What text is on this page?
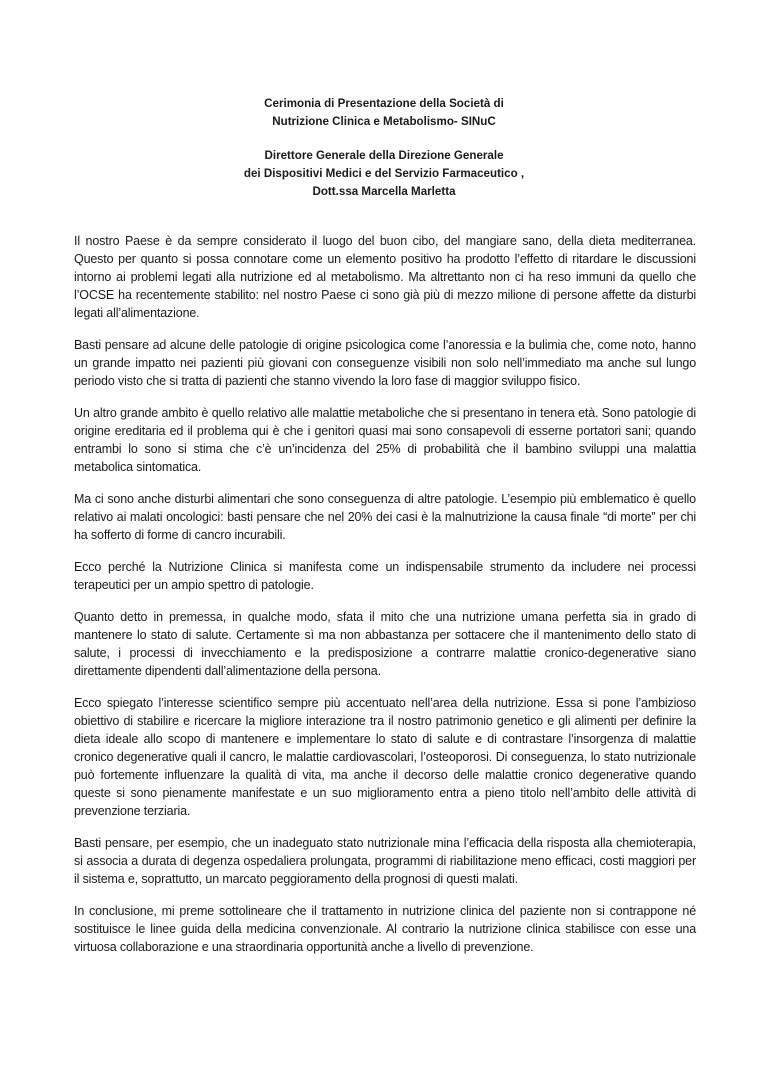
Cerimonia di Presentazione della Società di
Nutrizione Clinica e Metabolismo- SINuC
Direttore Generale della Direzione Generale
dei Dispositivi Medici e del Servizio Farmaceutico ,
Dott.ssa Marcella Marletta

Il nostro Paese è da sempre considerato il luogo del buon cibo, del mangiare sano, della dieta mediterranea. Questo per quanto si possa connotare come un elemento positivo ha prodotto l’effetto di ritardare le discussioni intorno ai problemi legati alla nutrizione ed al metabolismo. Ma altrettanto non ci ha reso immuni da quello che l’OCSE ha recentemente stabilito: nel nostro Paese ci sono già più di mezzo milione di persone affette da disturbi legati all’alimentazione.

Basti pensare ad alcune delle patologie di origine psicologica come l’anoressia e la bulimia che, come noto, hanno un grande impatto nei pazienti più giovani con conseguenze visibili non solo nell’immediato ma anche sul lungo periodo visto che si tratta di pazienti che stanno vivendo la loro fase di maggior sviluppo fisico.

Un altro grande ambito è quello relativo alle malattie metaboliche che si presentano in tenera età. Sono patologie di origine ereditaria ed il problema qui è che i genitori quasi mai sono consapevoli di esserne portatori sani; quando entrambi lo sono si stima che c’è un’incidenza del 25% di probabilità che il bambino sviluppi una malattia metabolica sintomatica.

Ma ci sono anche disturbi alimentari che sono conseguenza di altre patologie. L’esempio più emblematico è quello relativo ai malati oncologici: basti pensare che nel 20% dei casi è la malnutrizione la causa finale “di morte” per chi ha sofferto di forme di cancro incurabili.

Ecco perché la Nutrizione Clinica si manifesta come un indispensabile strumento da includere nei processi terapeutici per un ampio spettro di patologie.

Quanto detto in premessa, in qualche modo, sfata il mito che una nutrizione umana perfetta sia in grado di mantenere lo stato di salute. Certamente sì ma non abbastanza per sottacere che il mantenimento dello stato di salute, i processi di invecchiamento e la predisposizione a contrarre malattie cronico-degenerative siano direttamente dipendenti dall’alimentazione della persona.

Ecco spiegato l’interesse scientifico sempre più accentuato nell’area della nutrizione. Essa si pone l’ambizioso obiettivo di stabilire e ricercare la migliore interazione tra il nostro patrimonio genetico e gli alimenti per definire la dieta ideale allo scopo di mantenere e implementare lo stato di salute e di contrastare l’insorgenza di malattie cronico degenerative quali il cancro, le malattie cardiovascolari, l’osteoporosi. Di conseguenza, lo stato nutrizionale può fortemente influenzare la qualità di vita, ma anche il decorso delle malattie cronico degenerative quando queste si sono pienamente manifestate e un suo miglioramento entra a pieno titolo nell’ambito delle attività di prevenzione terziaria.

Basti pensare, per esempio, che un inadeguato stato nutrizionale mina l’efficacia della risposta alla chemioterapia, si associa a durata di degenza ospedaliera prolungata, programmi di riabilitazione meno efficaci, costi maggiori per il sistema e, soprattutto, un marcato peggioramento della prognosi di questi malati.

In conclusione, mi preme sottolineare che il trattamento in nutrizione clinica del paziente non si contrappone né sostituisce le linee guida della medicina convenzionale. Al contrario la nutrizione clinica stabilisce con esse una virtuosa collaborazione e una straordinaria opportunità anche a livello di prevenzione.
